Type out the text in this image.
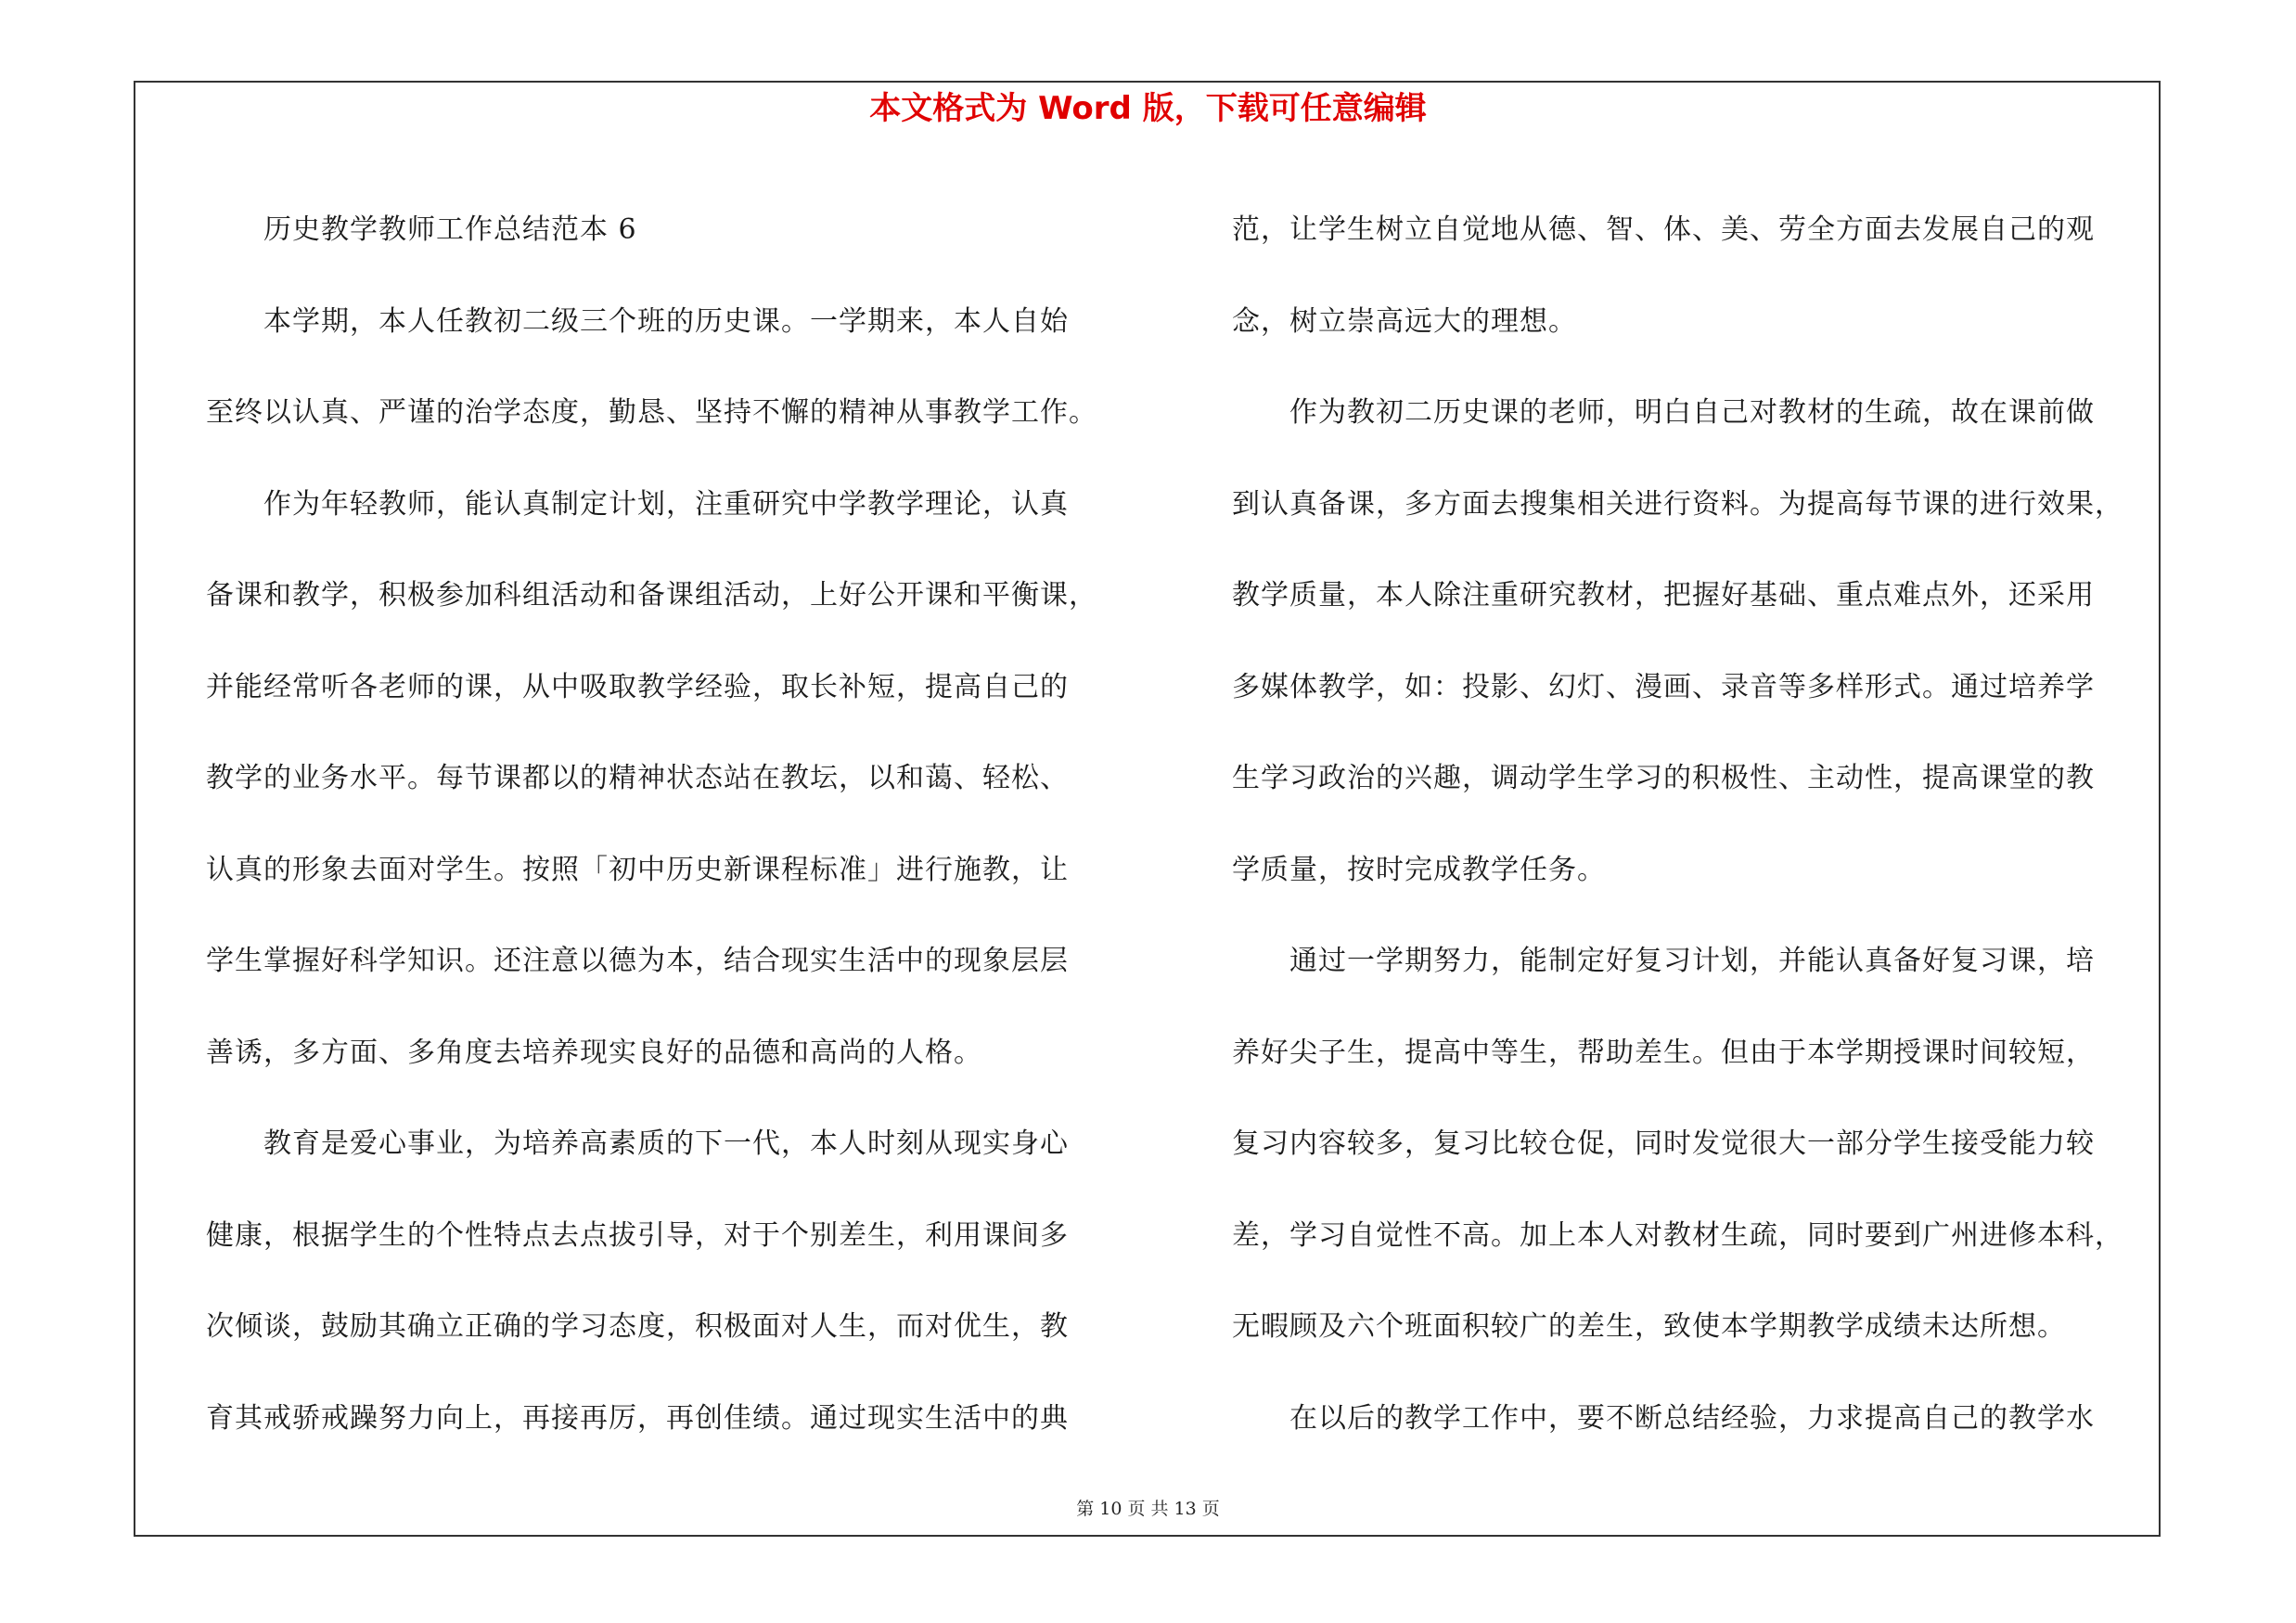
本文格式为 Word 版，下载可任意编辑
　　历史教学教师工作总结范本 6
　　本学期，本人任教初二级三个班的历史课。一学期来，本人自始
至终以认真、严谨的治学态度，勤恳、坚持不懈的精神从事教学工作。
　　作为年轻教师，能认真制定计划，注重研究中学教学理论，认真
备课和教学，积极参加科组活动和备课组活动，上好公开课和平衡课，
并能经常听各老师的课，从中吸取教学经验，取长补短，提高自己的
教学的业务水平。每节课都以的精神状态站在教坛，以和蔼、轻松、
认真的形象去面对学生。按照「初中历史新课程标准」进行施教，让
学生掌握好科学知识。还注意以德为本，结合现实生活中的现象层层
善诱，多方面、多角度去培养现实良好的品德和高尚的人格。
　　教育是爱心事业，为培养高素质的下一代，本人时刻从现实身心
健康，根据学生的个性特点去点拔引导，对于个别差生，利用课间多
次倾谈，鼓励其确立正确的学习态度，积极面对人生，而对优生，教
育其戒骄戒躁努力向上，再接再厉，再创佳绩。通过现实生活中的典
范，让学生树立自觉地从德、智、体、美、劳全方面去发展自己的观
念，树立崇高远大的理想。
　　作为教初二历史课的老师，明白自己对教材的生疏，故在课前做
到认真备课，多方面去搜集相关进行资料。为提高每节课的进行效果，
教学质量，本人除注重研究教材，把握好基础、重点难点外，还采用
多媒体教学，如：投影、幻灯、漫画、录音等多样形式。通过培养学
生学习政治的兴趣，调动学生学习的积极性、主动性，提高课堂的教
学质量，按时完成教学任务。
　　通过一学期努力，能制定好复习计划，并能认真备好复习课，培
养好尖子生，提高中等生，帮助差生。但由于本学期授课时间较短，
复习内容较多，复习比较仓促，同时发觉很大一部分学生接受能力较
差，学习自觉性不高。加上本人对教材生疏，同时要到广州进修本科，
无暇顾及六个班面积较广的差生，致使本学期教学成绩未达所想。
　　在以后的教学工作中，要不断总结经验，力求提高自己的教学水
第 10 页 共 13 页
